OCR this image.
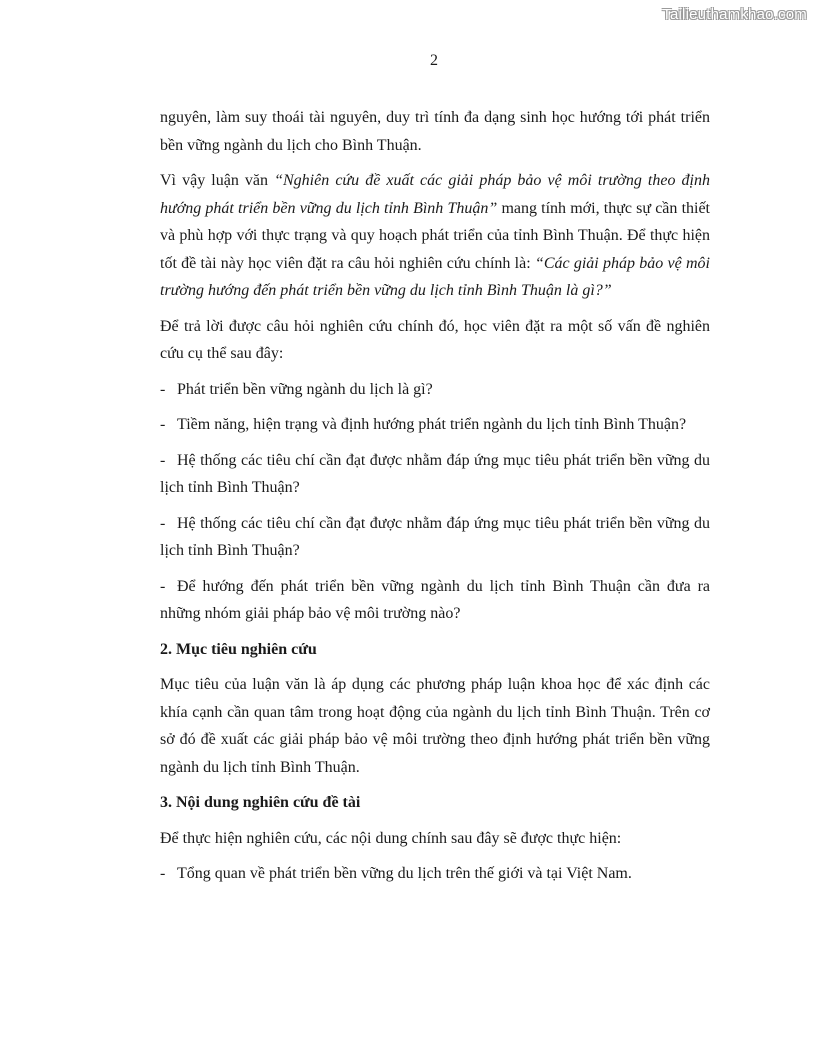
Tailieuthamkhao.com
2

nguyên, làm suy thoái tài nguyên, duy trì tính đa dạng sinh học hướng tới phát triển bền vững ngành du lịch cho Bình Thuận.

Vì vậy luận văn “Nghiên cứu đề xuất các giải pháp bảo vệ môi trường theo định hướng phát triển bền vững du lịch tỉnh Bình Thuận” mang tính mới, thực sự cần thiết và phù hợp với thực trạng và quy hoạch phát triển của tỉnh Bình Thuận. Để thực hiện tốt đề tài này học viên đặt ra câu hỏi nghiên cứu chính là: “Các giải pháp bảo vệ môi trường hướng đến phát triển bền vững du lịch tỉnh Bình Thuận là gì?”

Để trả lời được câu hỏi nghiên cứu chính đó, học viên đặt ra một số vấn đề nghiên cứu cụ thể sau đây:

- Phát triển bền vững ngành du lịch là gì?

- Tiềm năng, hiện trạng và định hướng phát triển ngành du lịch tỉnh Bình Thuận?

- Hệ thống các tiêu chí cần đạt được nhằm đáp ứng mục tiêu phát triển bền vững du lịch tỉnh Bình Thuận?

- Hệ thống các tiêu chí cần đạt được nhằm đáp ứng mục tiêu phát triển bền vững du lịch tỉnh Bình Thuận?

- Để hướng đến phát triển bền vững ngành du lịch tỉnh Bình Thuận cần đưa ra những nhóm giải pháp bảo vệ môi trường nào?

2. Mục tiêu nghiên cứu

Mục tiêu của luận văn là áp dụng các phương pháp luận khoa học để xác định các khía cạnh cần quan tâm trong hoạt động của ngành du lịch tỉnh Bình Thuận. Trên cơ sở đó đề xuất các giải pháp bảo vệ môi trường theo định hướng phát triển bền vững ngành du lịch tỉnh Bình Thuận.

3. Nội dung nghiên cứu đề tài

Để thực hiện nghiên cứu, các nội dung chính sau đây sẽ được thực hiện:

- Tổng quan về phát triển bền vững du lịch trên thế giới và tại Việt Nam.
